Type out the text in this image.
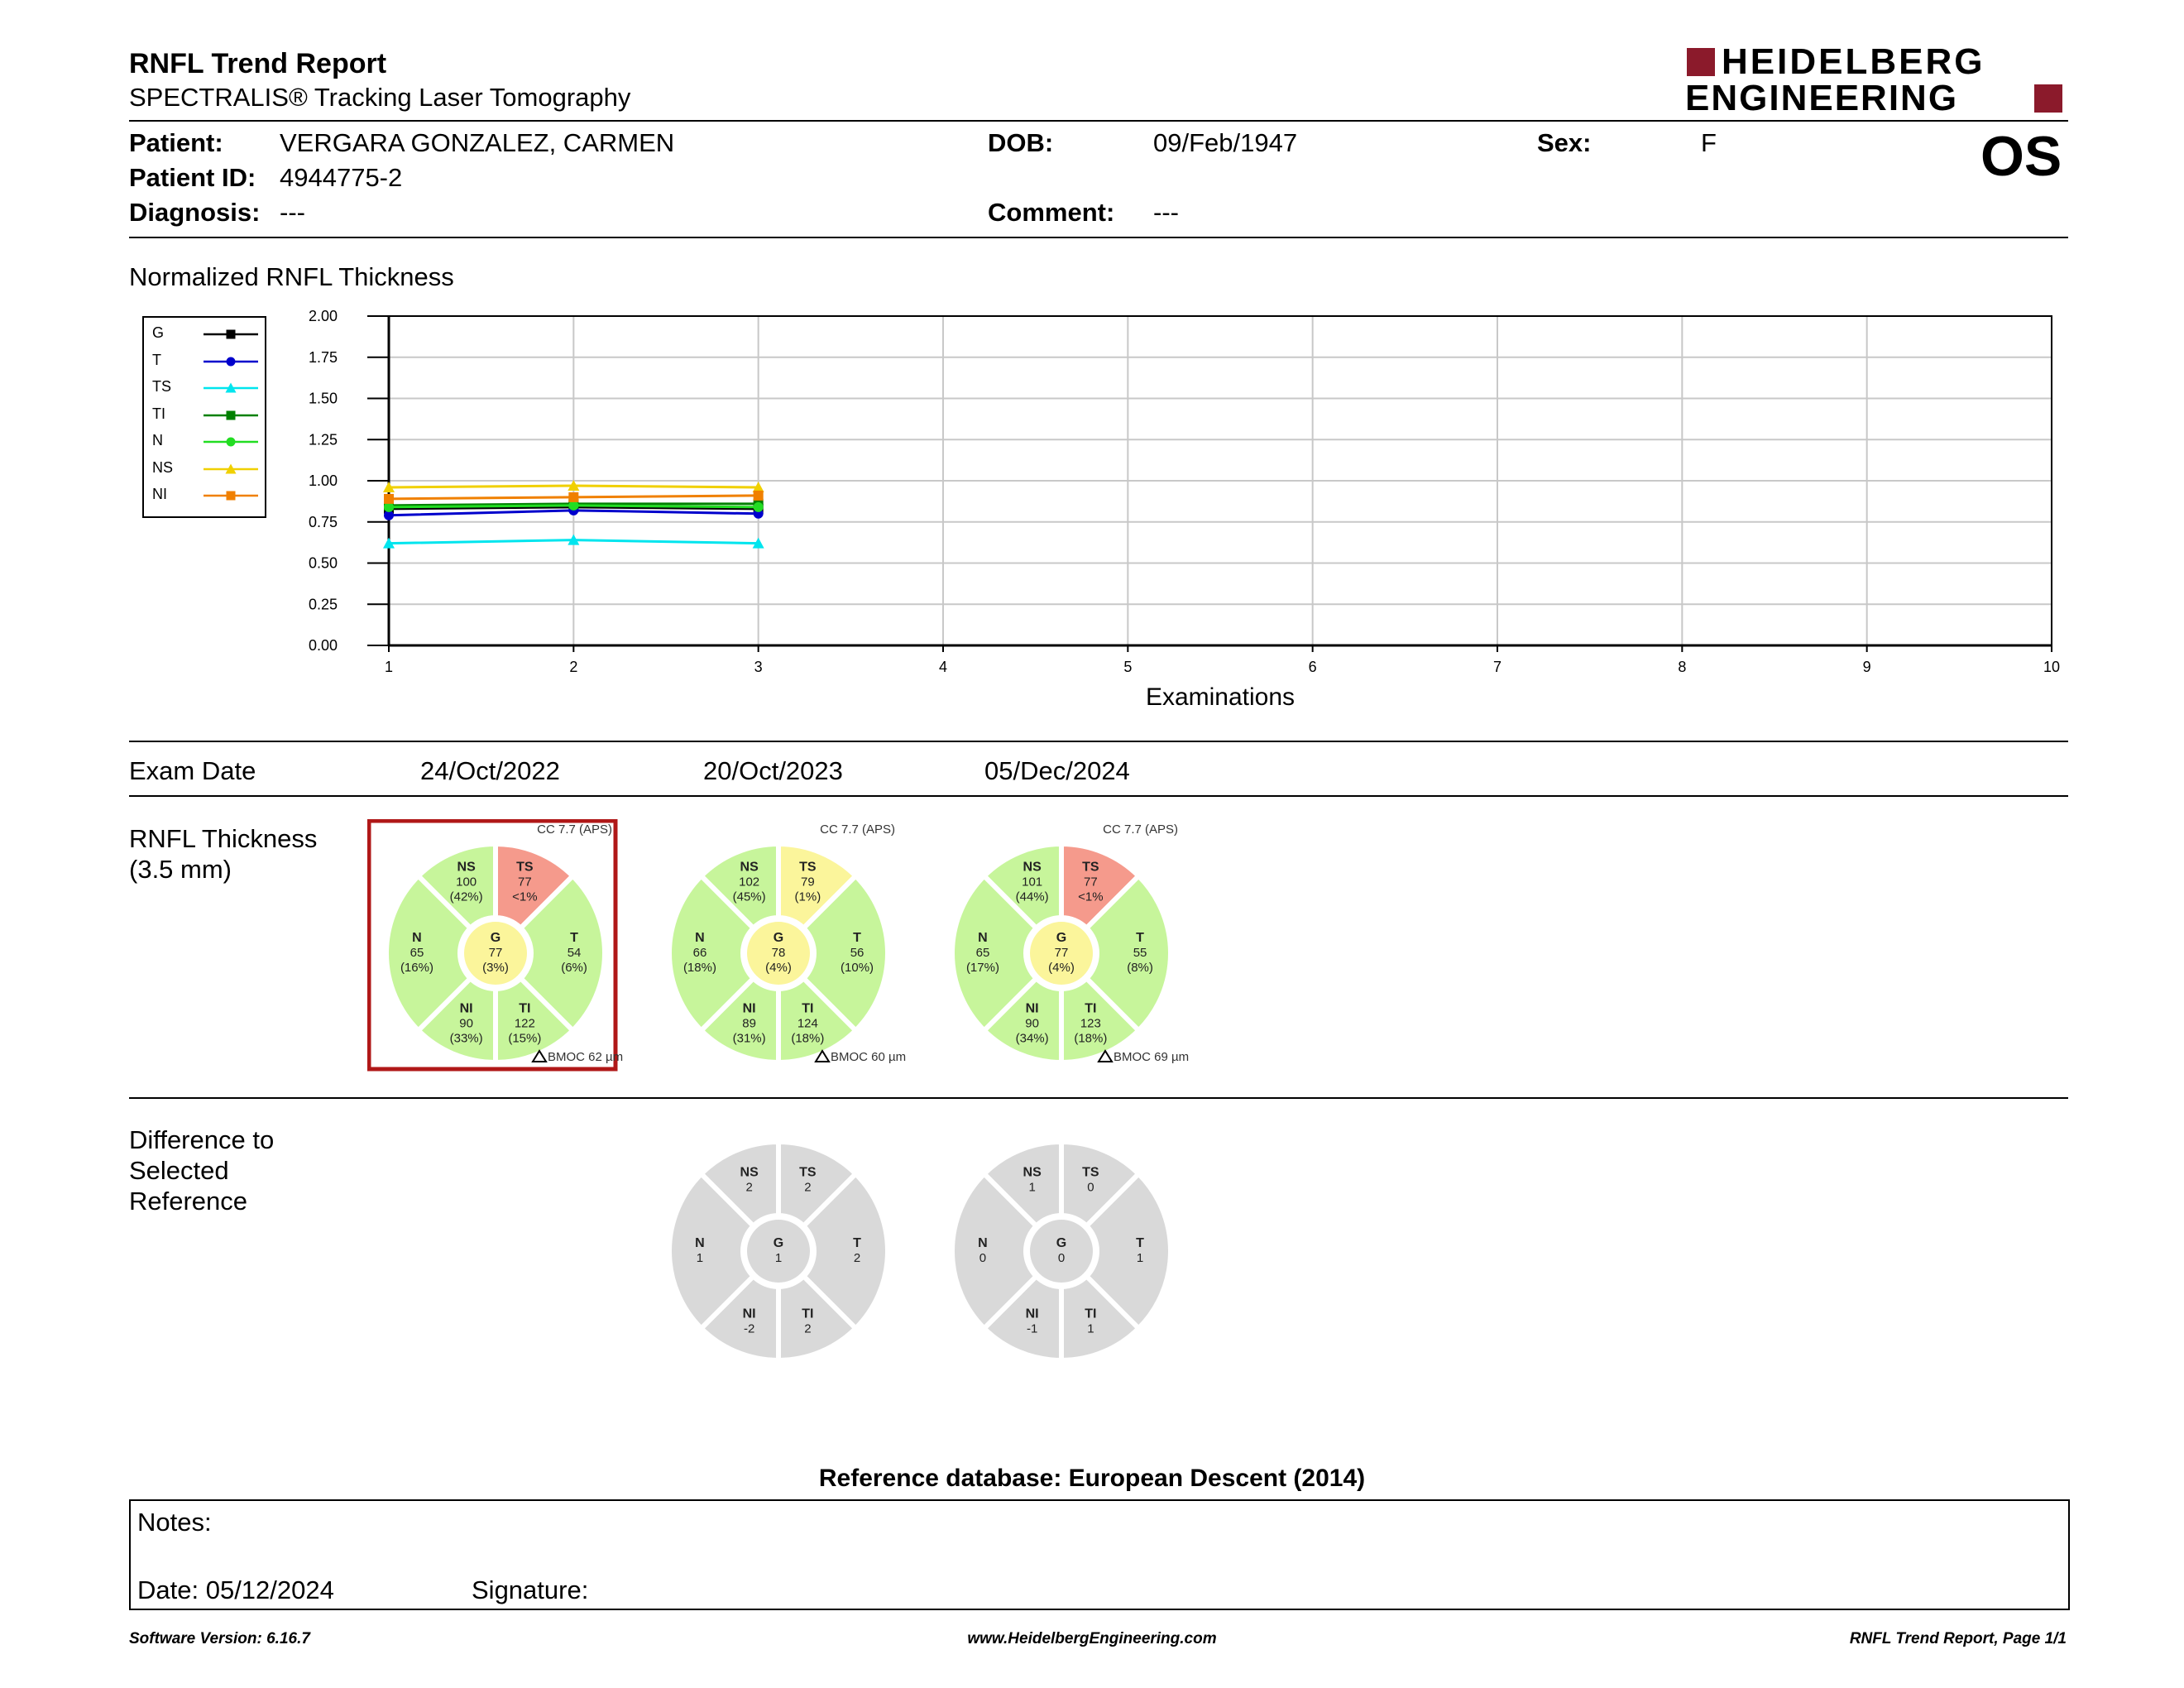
RNFL Trend Report
SPECTRALIS® Tracking Laser Tomography
HEIDELBERG
ENGINEERING
Patient: VERGARA GONZALEZ, CARMEN
Patient ID: 4944775-2
Diagnosis: ---
DOB:	09/Feb/1947
Comment: ---
Sex:	F	OS
Normalized RNFL Thickness
G
T
TS
TI
N
NS
NI
1	2	3	4	5	6	7	8	9	10
0.00
0.25
0.50
0.75
1.00
1.25
1.50
1.75
2.00
Examinations
Exam Date	24/Oct/2022	20/Oct/2023	05/Dec/2024
RNFL Thickness
(3.5 mm)
CC 7.7 (APS)
NS
100
(42%)
TS
77
<1%
T
54
(6%)
TI
122
(15%)
NI
90
(33%)
N
65
(16%)
G
77
(3%)
BMOC 62 µm
CC 7.7 (APS)
NS
102
(45%)
TS
79
(1%)
T
56
(10%)
TI
124
(18%)
NI
89
(31%)
N
66
(18%)
G
78
(4%)
BMOC 60 µm
CC 7.7 (APS)
NS
101
(44%)
TS
77
<1%
T
55
(8%)
TI
123
(18%)
NI
90
(34%)
N
65
(17%)
G
77
(4%)
BMOC 69 µm
Difference to
Selected
Reference
NS
2
TS
2
T
2
TI
2
NI
-2
N
1
G
1
NS
1
TS
0
T
1
TI
1
NI
-1
N
0
G
0
Reference database: European Descent (2014)
Notes:
Date: 05/12/2024	Signature:
Software Version: 6.16.7	www.HeidelbergEngineering.com	RNFL Trend Report, Page 1/1
